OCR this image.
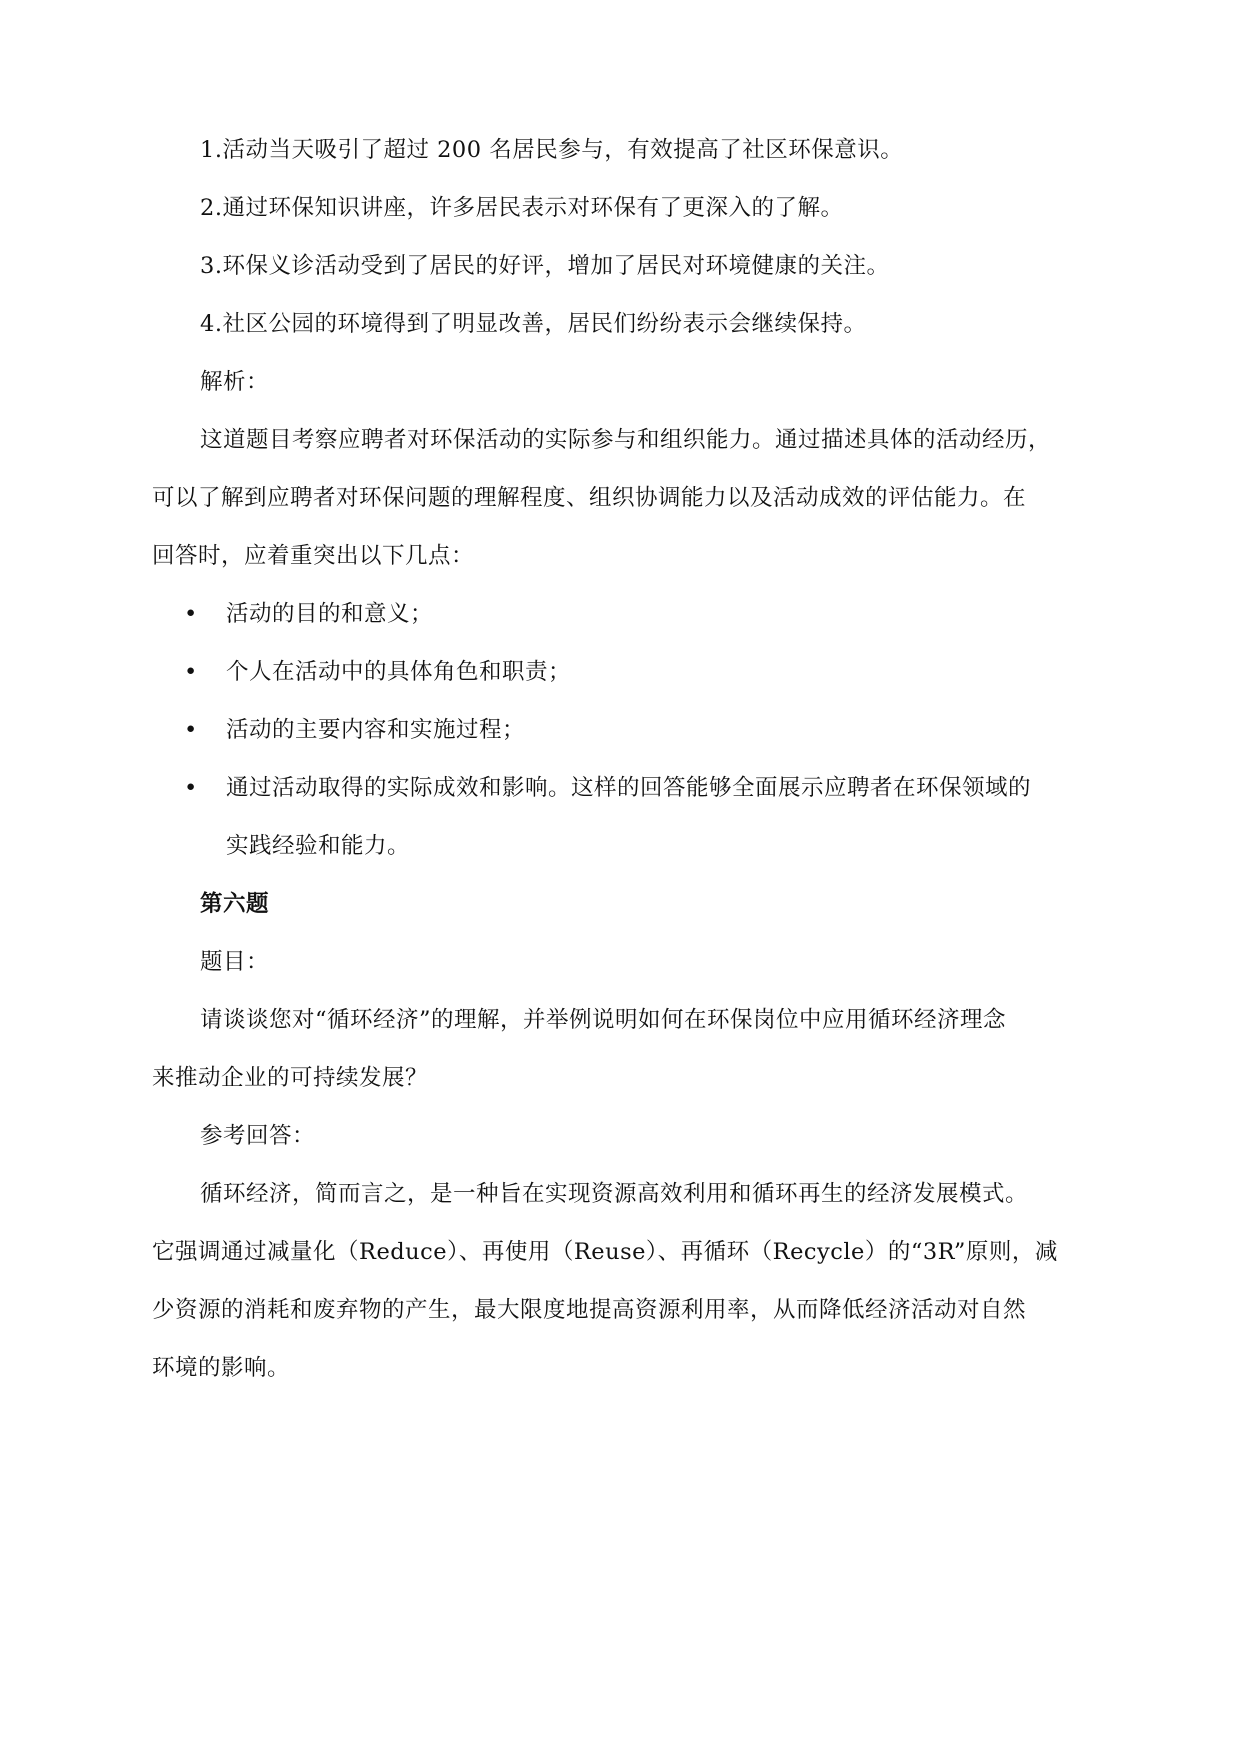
1.活动当天吸引了超过 200 名居民参与，有效提高了社区环保意识。

2.通过环保知识讲座，许多居民表示对环保有了更深入的了解。

3.环保义诊活动受到了居民的好评，增加了居民对环境健康的关注。

4.社区公园的环境得到了明显改善，居民们纷纷表示会继续保持。

解析：

这道题目考察应聘者对环保活动的实际参与和组织能力。通过描述具体的活动经历，

可以了解到应聘者对环保问题的理解程度、组织协调能力以及活动成效的评估能力。在

回答时，应着重突出以下几点：

•	活动的目的和意义；
•	个人在活动中的具体角色和职责；
•	活动的主要内容和实施过程；
•	通过活动取得的实际成效和影响。这样的回答能够全面展示应聘者在环保领域的
实践经验和能力。

第六题

题目：

请谈谈您对“循环经济”的理解，并举例说明如何在环保岗位中应用循环经济理念

来推动企业的可持续发展？

参考回答：

循环经济，简而言之，是一种旨在实现资源高效利用和循环再生的经济发展模式。

它强调通过减量化（Reduce）、再使用（Reuse）、再循环（Recycle）的“3R”原则，减

少资源的消耗和废弃物的产生，最大限度地提高资源利用率，从而降低经济活动对自然

环境的影响。
